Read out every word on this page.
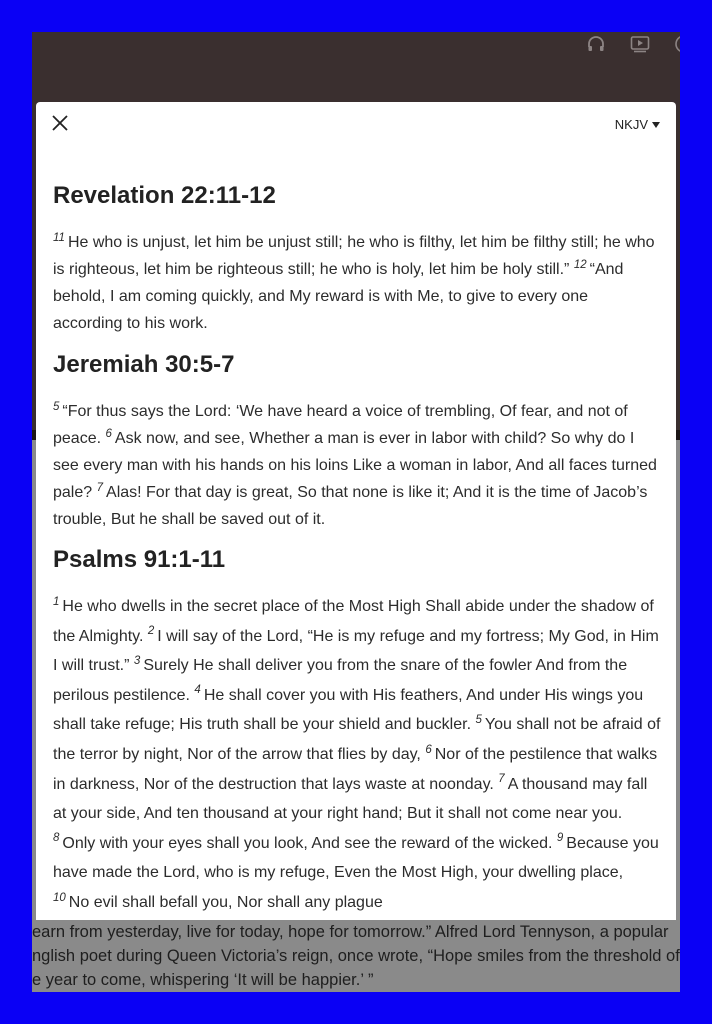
earn from yesterday, live for today, hope for tomorrow.” Alfred Lord Tennyson, a popular
nglish poet during Queen Victoria’s reign, once wrote, “Hope smiles from the threshold of
e year to come, whispering ‘It will be happier.’ ”
NKJV
Revelation 22:11-12

$^{11}$ He who is unjust, let him be unjust still; he who is filthy, let him be filthy still; he who is righteous, let him be righteous still; he who is holy, let him be holy still.” $^{12}$ “And behold, I am coming quickly, and My reward is with Me, to give to every one according to his work.

Jeremiah 30:5-7

$^5$ “For thus says the Lord: ‘We have heard a voice of trembling, Of fear, and not of peace. $^6$ Ask now, and see, Whether a man is ever in labor with child? So why do I see every man with his hands on his loins Like a woman in labor, And all faces turned pale? $^7$ Alas! For that day is great, So that none is like it; And it is the time of Jacob’s trouble, But he shall be saved out of it.

Psalms 91:1-11

$^1$ He who dwells in the secret place of the Most High Shall abide under the shadow of the Almighty. $^2$ I will say of the Lord, “He is my refuge and my fortress; My God, in Him I will trust.” $^3$ Surely He shall deliver you from the snare of the fowler And from the perilous pestilence. $^4$ He shall cover you with His feathers, And under His wings you shall take refuge; His truth shall be your shield and buckler. $^5$ You shall not be afraid of the terror by night, Nor of the arrow that flies by day, $^6$ Nor of the pestilence that walks in darkness, Nor of the destruction that lays waste at noonday. $^7$ A thousand may fall at your side, And ten thousand at your right hand; But it shall not come near you. $^8$ Only with your eyes shall you look, And see the reward of the wicked. $^9$ Because you have made the Lord, who is my refuge, Even the Most High, your dwelling place, $^{10}$ No evil shall befall you, Nor shall any plague
